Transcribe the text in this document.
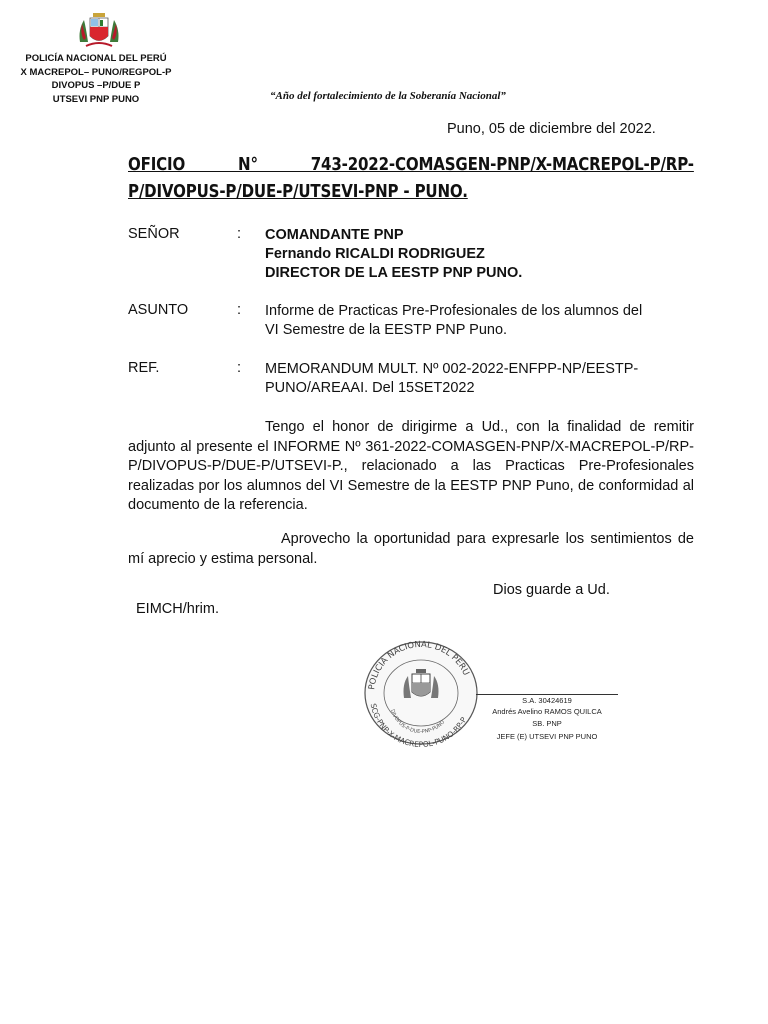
POLICÍA NACIONAL DEL PERÚ
X MACREPOL– PUNO/REGPOL-P
DIVOPUS –P/DUE P
UTSEVI PNP PUNO	“Año del fortalecimiento de la Soberanía Nacional”
Puno, 05 de diciembre del 2022.
OFICIO N° 743-2022-COMASGEN-PNP/X-MACREPOL-P/RP-P/DIVOPUS-P/DUE-P/UTSEVI-PNP - PUNO.
SEÑOR	: COMANDANTE PNP
Fernando RICALDI RODRIGUEZ
DIRECTOR DE LA EESTP PNP PUNO.
ASUNTO	: Informe de Practicas Pre-Profesionales de los alumnos del
VI Semestre de la EESTP PNP Puno.
REF.	: MEMORANDUM MULT. Nº 002-2022-ENFPP-NP/EESTP-
PUNO/AREAAI. Del 15SET2022
Tengo el honor de dirigirme a Ud., con la finalidad de remitir adjunto al presente el INFORME Nº 361-2022-COMASGEN-PNP/X-MACREPOL-P/RP-P/DIVOPUS-P/DUE-P/UTSEVI-P., relacionado a las Practicas Pre-Profesionales realizadas por los alumnos del VI Semestre de la EESTP PNP Puno, de conformidad al documento de la referencia.
Aprovecho la oportunidad para expresarle los sentimientos de mí aprecio y estima personal.
Dios guarde a Ud.
EIMCH/hrim.
POLICIA NACIONAL DEL PERU
SCG-PNP-X-MACREPOL-PUNO-RP-P
DIVOPUS-P-DUE-PNP-PUNO
S.A. 30424619
Andrés Avelino RAMOS QUILCA
SB. PNP
JEFE (E) UTSEVI PNP PUNO
